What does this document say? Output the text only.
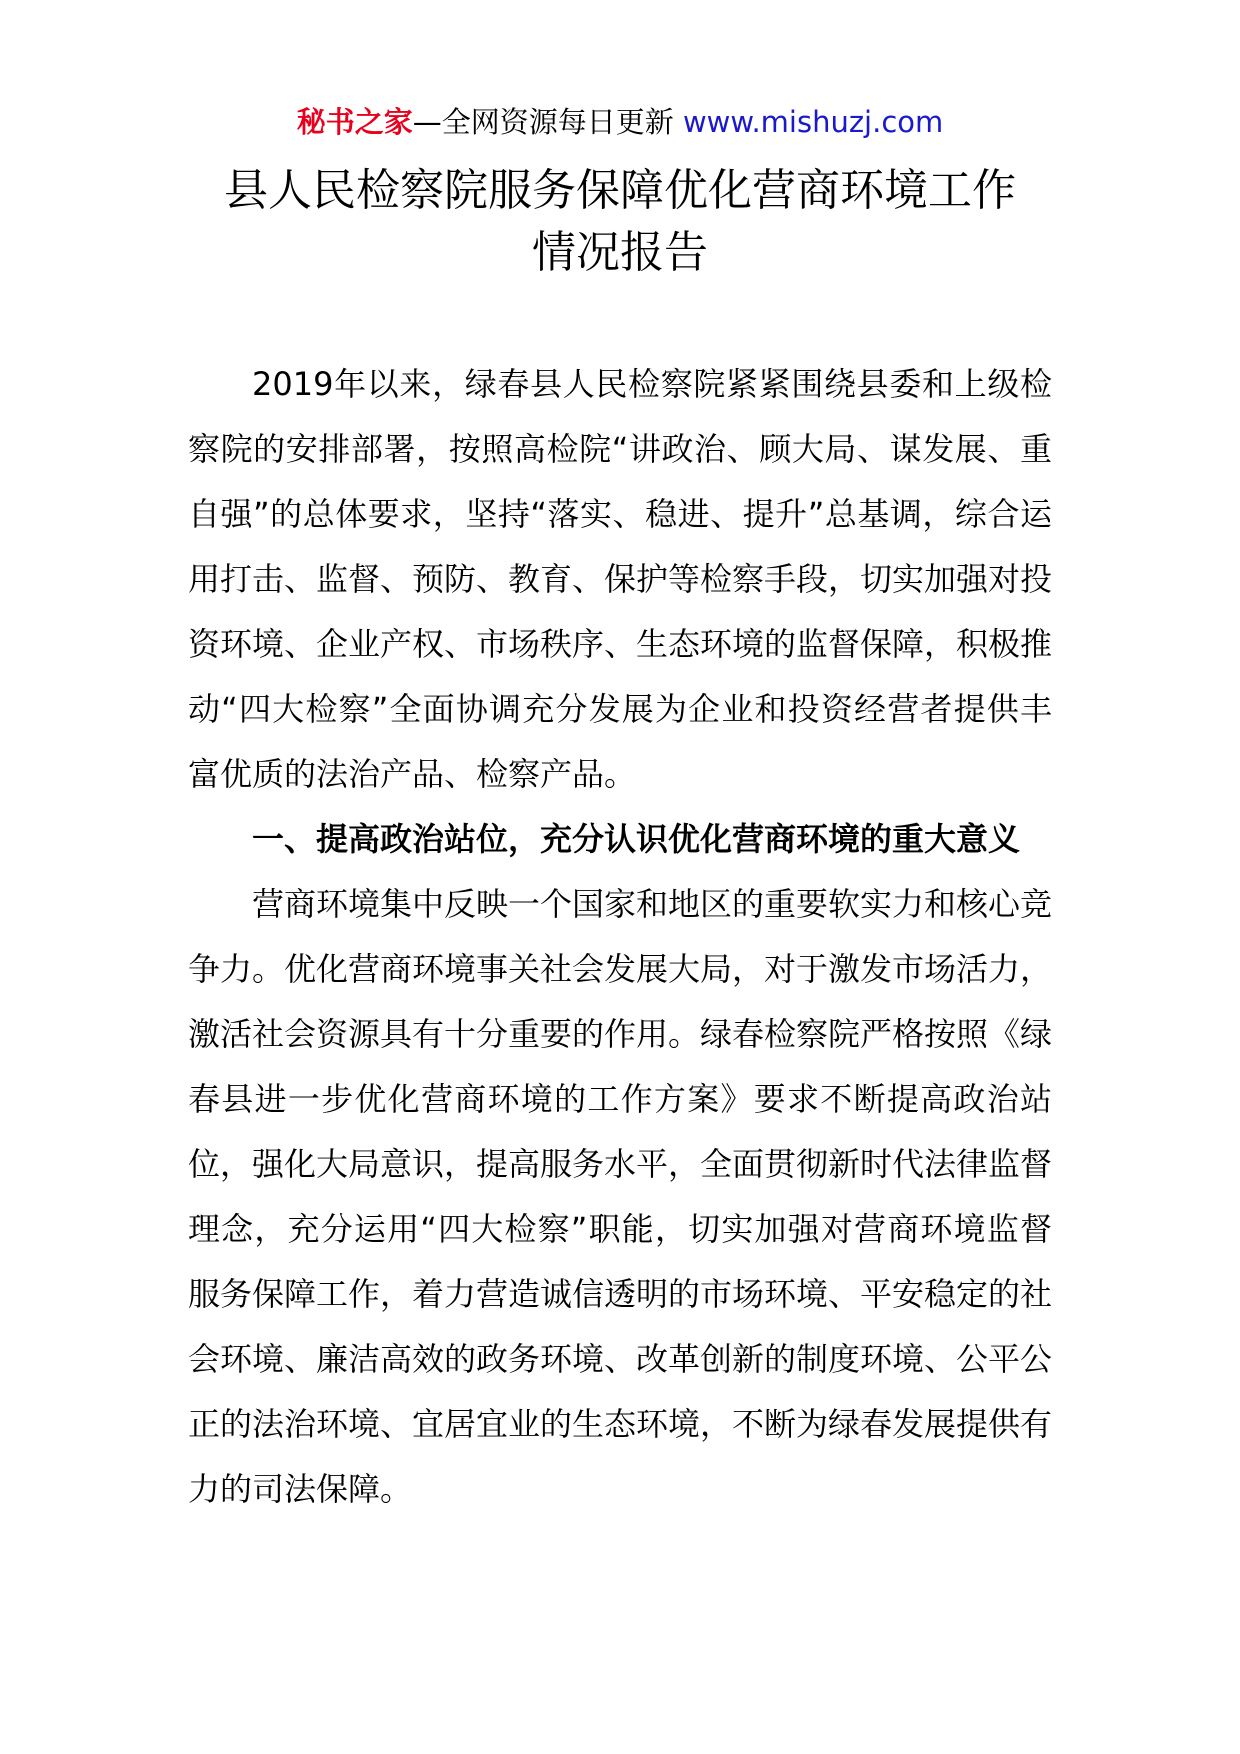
秘书之家—全网资源每日更新 www.mishuzj.com
县人民检察院服务保障优化营商环境工作
情况报告

2019年以来，绿春县人民检察院紧紧围绕县委和上级检察院的安排部署，按照高检院“讲政治、顾大局、谋发展、重自强”的总体要求，坚持“落实、稳进、提升”总基调，综合运用打击、监督、预防、教育、保护等检察手段，切实加强对投资环境、企业产权、市场秩序、生态环境的监督保障，积极推动“四大检察”全面协调充分发展为企业和投资经营者提供丰富优质的法治产品、检察产品。

一、提高政治站位，充分认识优化营商环境的重大意义

营商环境集中反映一个国家和地区的重要软实力和核心竞争力。优化营商环境事关社会发展大局，对于激发市场活力，激活社会资源具有十分重要的作用。绿春检察院严格按照《绿春县进一步优化营商环境的工作方案》要求不断提高政治站位，强化大局意识，提高服务水平，全面贯彻新时代法律监督理念，充分运用“四大检察”职能，切实加强对营商环境监督服务保障工作，着力营造诚信透明的市场环境、平安稳定的社会环境、廉洁高效的政务环境、改革创新的制度环境、公平公正的法治环境、宜居宜业的生态环境，不断为绿春发展提供有力的司法保障。
